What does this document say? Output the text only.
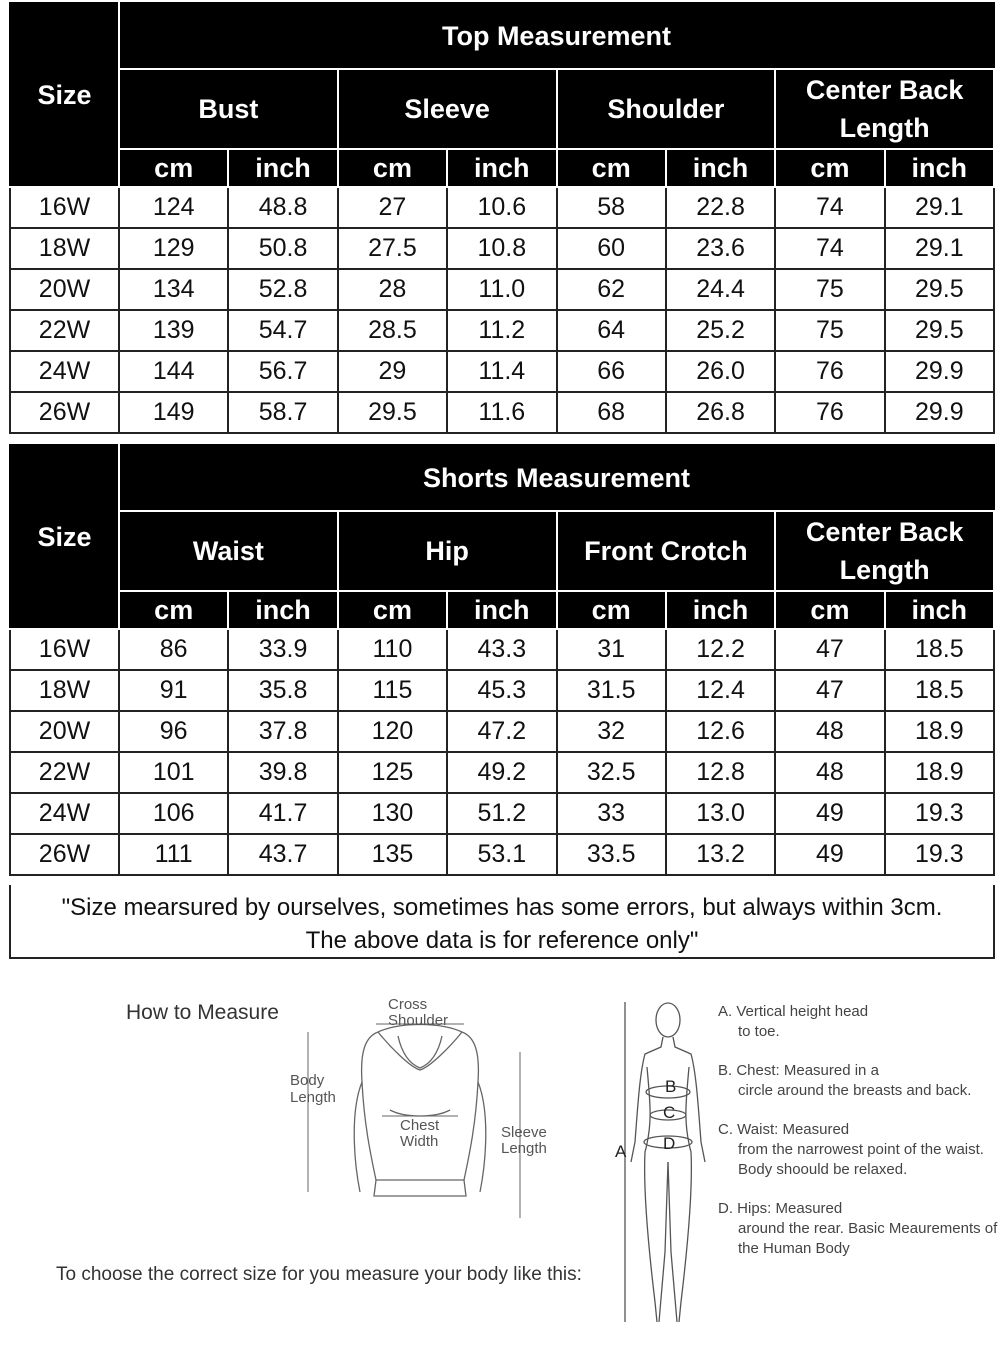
Size	Top Measurement							
	Bust		Sleeve		Shoulder		Center Back Length	
	cm	inch	cm	inch	cm	inch	cm	inch
16W	124	48.8	27	10.6	58	22.8	74	29.1
18W	129	50.8	27.5	10.8	60	23.6	74	29.1
20W	134	52.8	28	11.0	62	24.4	75	29.5
22W	139	54.7	28.5	11.2	64	25.2	75	29.5
24W	144	56.7	29	11.4	66	26.0	76	29.9
26W	149	58.7	29.5	11.6	68	26.8	76	29.9
Size	Shorts Measurement							
	Waist		Hip		Front Crotch		Center Back Length	
	cm	inch	cm	inch	cm	inch	cm	inch
16W	86	33.9	110	43.3	31	12.2	47	18.5
18W	91	35.8	115	45.3	31.5	12.4	47	18.5
20W	96	37.8	120	47.2	32	12.6	48	18.9
22W	101	39.8	125	49.2	32.5	12.8	48	18.9
24W	106	41.7	130	51.2	33	13.0	49	19.3
26W	111	43.7	135	53.1	33.5	13.2	49	19.3
"Size mearsured by ourselves, sometimes has some errors, but always within 3cm.
The above data is for reference only"
How to Measure
To choose the correct size for you measure your body like this:
Cross
Shoulder
Body
Length
Chest
Width
Sleeve
Length
B
C
D
A
A. Vertical height head
to toe.
B. Chest: Measured in a
circle around the breasts and back.
C. Waist: Measured
from the narrowest point of the waist. Body shoould be relaxed.
D. Hips: Measured
around the rear. Basic Meaurements of the Human Body
